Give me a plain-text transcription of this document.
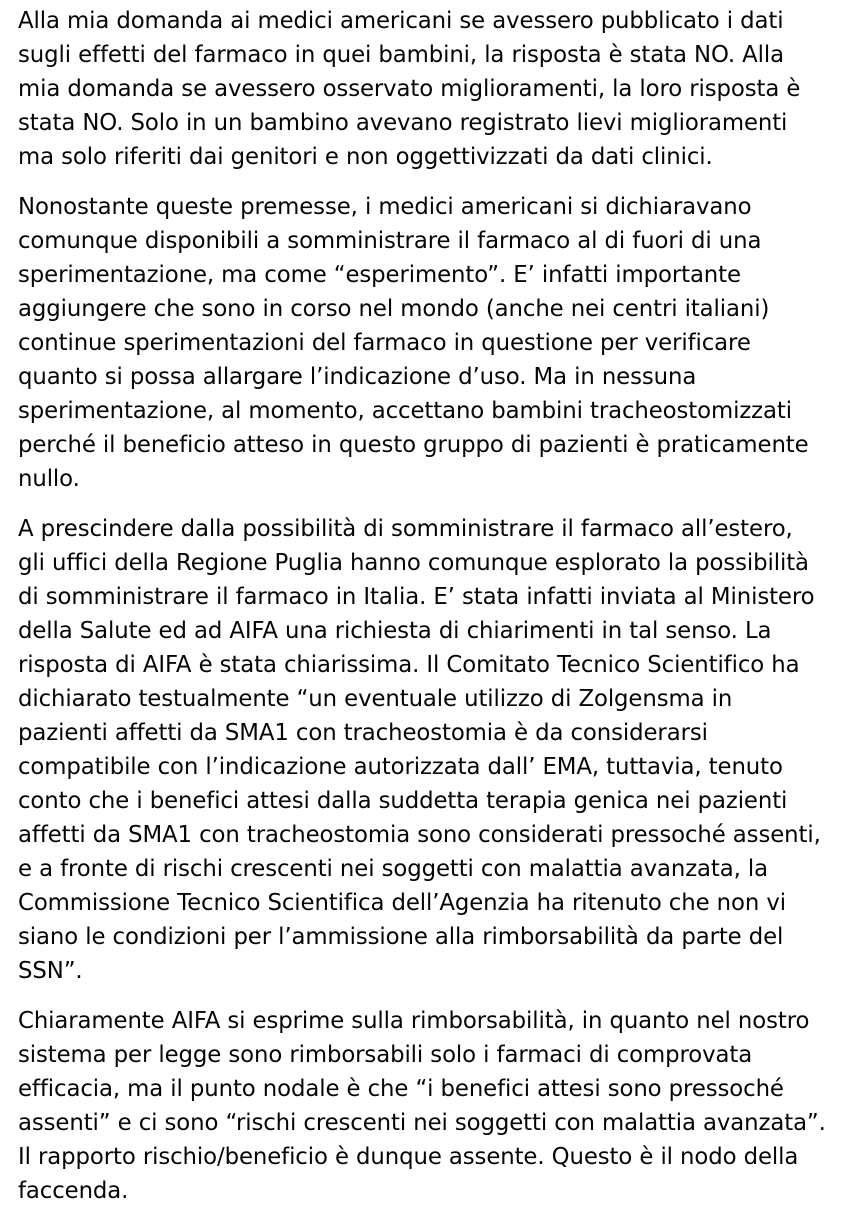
Alla mia domanda ai medici americani se avessero pubblicato i dati sugli effetti del farmaco in quei bambini, la risposta è stata NO. Alla mia domanda se avessero osservato miglioramenti, la loro risposta è stata NO. Solo in un bambino avevano registrato lievi miglioramenti ma solo riferiti dai genitori e non oggettivizzati da dati clinici.

Nonostante queste premesse, i medici americani si dichiaravano comunque disponibili a somministrare il farmaco al di fuori di una sperimentazione, ma come “esperimento”. E’ infatti importante aggiungere che sono in corso nel mondo (anche nei centri italiani) continue sperimentazioni del farmaco in questione per verificare quanto si possa allargare l’indicazione d’uso. Ma in nessuna sperimentazione, al momento, accettano bambini tracheostomizzati perché il beneficio atteso in questo gruppo di pazienti è praticamente nullo.

A prescindere dalla possibilità di somministrare il farmaco all’estero, gli uffici della Regione Puglia hanno comunque esplorato la possibilità di somministrare il farmaco in Italia. E’ stata infatti inviata al Ministero della Salute ed ad AIFA una richiesta di chiarimenti in tal senso. La risposta di AIFA è stata chiarissima. Il Comitato Tecnico Scientifico ha dichiarato testualmente “un eventuale utilizzo di Zolgensma in pazienti affetti da SMA1 con tracheostomia è da considerarsi compatibile con l’indicazione autorizzata dall’ EMA, tuttavia, tenuto conto che i benefici attesi dalla suddetta terapia genica nei pazienti affetti da SMA1 con tracheostomia sono considerati pressoché assenti, e a fronte di rischi crescenti nei soggetti con malattia avanzata, la Commissione Tecnico Scientifica dell’Agenzia ha ritenuto che non vi siano le condizioni per l’ammissione alla rimborsabilità da parte del SSN”.

Chiaramente AIFA si esprime sulla rimborsabilità, in quanto nel nostro sistema per legge sono rimborsabili solo i farmaci di comprovata efficacia, ma il punto nodale è che “i benefici attesi sono pressoché assenti” e ci sono “rischi crescenti nei soggetti con malattia avanzata”. Il rapporto rischio/beneficio è dunque assente. Questo è il nodo della faccenda.
